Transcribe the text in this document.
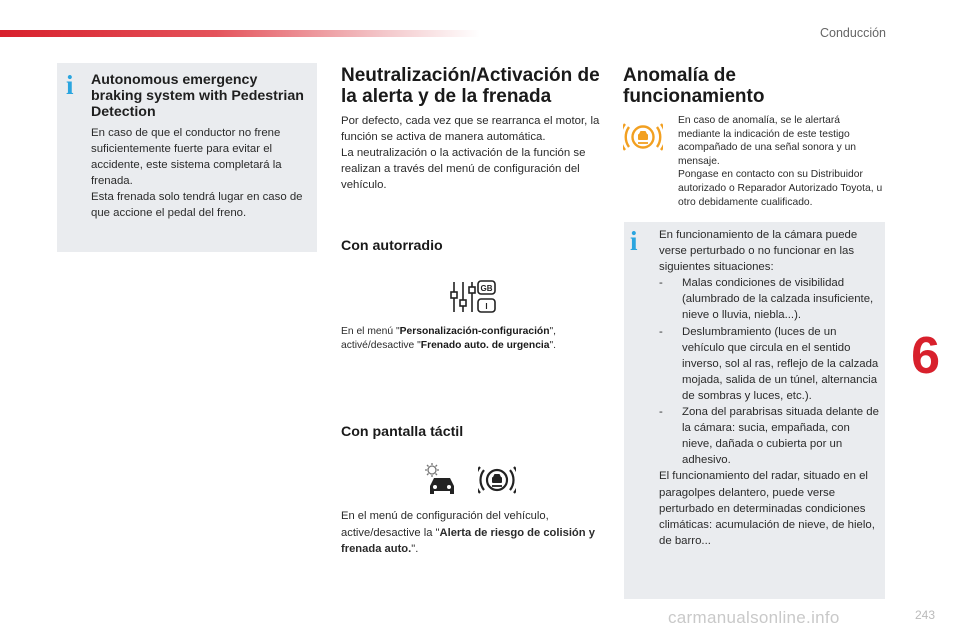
Conducción
6
i Autonomous emergency braking system with Pedestrian Detection
En caso de que el conductor no frene suficientemente fuerte para evitar el accidente, este sistema completará la frenada.
Esta frenada solo tendrá lugar en caso de que accione el pedal del freno.
Neutralización/Activación de la alerta y de la frenada
Por defecto, cada vez que se rearranca el motor, la función se activa de manera automática.
La neutralización o la activación de la función se realizan a través del menú de configuración del vehículo.
Con autorradio
GB
I
En el menú "Personalización-configuración", activé/desactive "Frenado auto. de urgencia".
Con pantalla táctil
En el menú de configuración del vehículo, active/desactive la "Alerta de riesgo de colisión y frenada auto.".
Anomalía de funcionamiento
En caso de anomalía, se le alertará mediante la indicación de este testigo acompañado de una señal sonora y un mensaje.
Pongase en contacto con su Distribuidor autorizado o Reparador Autorizado Toyota, u otro debidamente cualificado.
i En funcionamiento de la cámara puede verse perturbado o no funcionar en las siguientes situaciones:
- Malas condiciones de visibilidad (alumbrado de la calzada insuficiente, nieve o lluvia, niebla...).
- Deslumbramiento (luces de un vehículo que circula en el sentido inverso, sol al ras, reflejo de la calzada mojada, salida de un túnel, alternancia de sombras y luces, etc.).
- Zona del parabrisas situada delante de la cámara: sucia, empañada, con nieve, dañada o cubierta por un adhesivo.
El funcionamiento del radar, situado en el paragolpes delantero, puede verse perturbado en determinadas condiciones climáticas: acumulación de nieve, de hielo, de barro...
carmanualsonline.info	243
